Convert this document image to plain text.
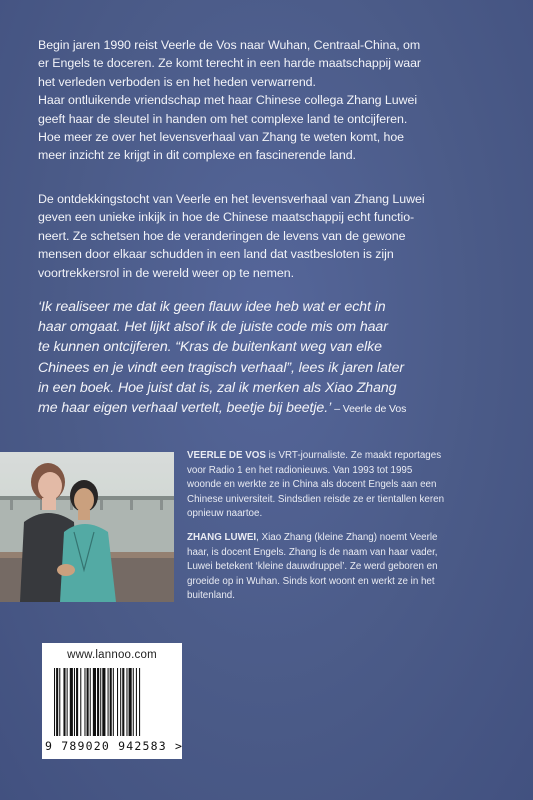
Begin jaren 1990 reist Veerle de Vos naar Wuhan, Centraal-China, om
er Engels te doceren. Ze komt terecht in een harde maatschappij waar
het verleden verboden is en het heden verwarrend.
Haar ontluikende vriendschap met haar Chinese collega Zhang Luwei
geeft haar de sleutel in handen om het complexe land te ontcijferen.
Hoe meer ze over het levensverhaal van Zhang te weten komt, hoe
meer inzicht ze krijgt in dit complexe en fascinerende land.

De ontdekkingstocht van Veerle en het levensverhaal van Zhang Luwei
geven een unieke inkijk in hoe de Chinese maatschappij echt functio-
neert. Ze schetsen hoe de veranderingen de levens van de gewone
mensen door elkaar schudden in een land dat vastbesloten is zijn
voortrekkersrol in de wereld weer op te nemen.

‘Ik realiseer me dat ik geen flauw idee heb wat er echt in
haar omgaat. Het lijkt alsof ik de juiste code mis om haar
te kunnen ontcijferen. “Kras de buitenkant weg van elke
Chinees en je vindt een tragisch verhaal”, lees ik jaren later
in een boek. Hoe juist dat is, zal ik merken als Xiao Zhang
me haar eigen verhaal vertelt, beetje bij beetje.’ – Veerle de Vos

VEERLE DE VOS is VRT-journaliste. Ze maakt reportages
voor Radio 1 en het radionieuws. Van 1993 tot 1995
woonde en werkte ze in China als docent Engels aan een
Chinese universiteit. Sindsdien reisde ze er tientallen keren
opnieuw naartoe.

ZHANG LUWEI, Xiao Zhang (kleine Zhang) noemt Veerle
haar, is docent Engels. Zhang is de naam van haar vader,
Luwei betekent ‘kleine dauwdruppel’. Ze werd geboren en
groeide op in Wuhan. Sinds kort woont en werkt ze in het
buitenland.

www.lannoo.com
9 789020 942583 >
